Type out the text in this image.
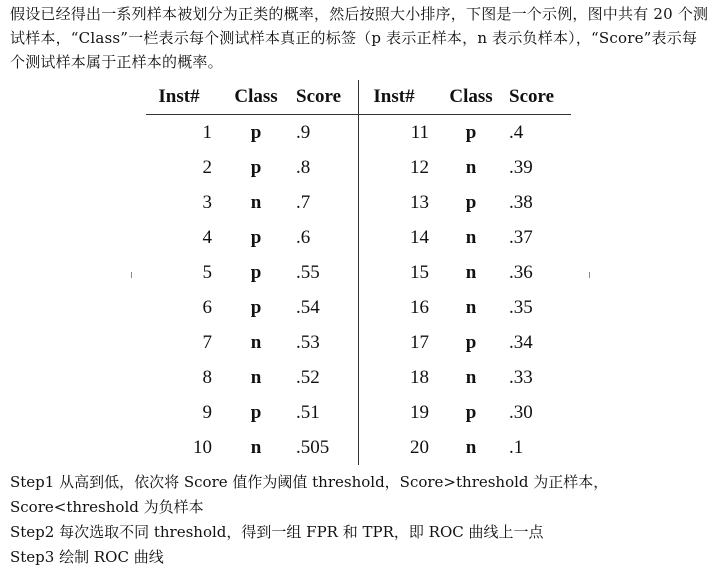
假设已经得出一系列样本被划分为正类的概率，然后按照大小排序，下图是一个示例，图中共有 20 个测试样本，“Class”一栏表示每个测试样本真正的标签（p 表示正样本，n 表示负样本），“Score”表示每个测试样本属于正样本的概率。

Inst#	Class	Score	Inst#	Class	Score
1	p	.9	11	p	.4
2	p	.8	12	n	.39
3	n	.7	13	p	.38
4	p	.6	14	n	.37
5	p	.55	15	n	.36
6	p	.54	16	n	.35
7	n	.53	17	p	.34
8	n	.52	18	n	.33
9	p	.51	19	p	.30
10	n	.505	20	n	.1

Step1 从高到低，依次将 Score 值作为阈值 threshold，Score>threshold 为正样本，Score<threshold 为负样本

Step2 每次选取不同 threshold，得到一组 FPR 和 TPR，即 ROC 曲线上一点

Step3 绘制 ROC 曲线
